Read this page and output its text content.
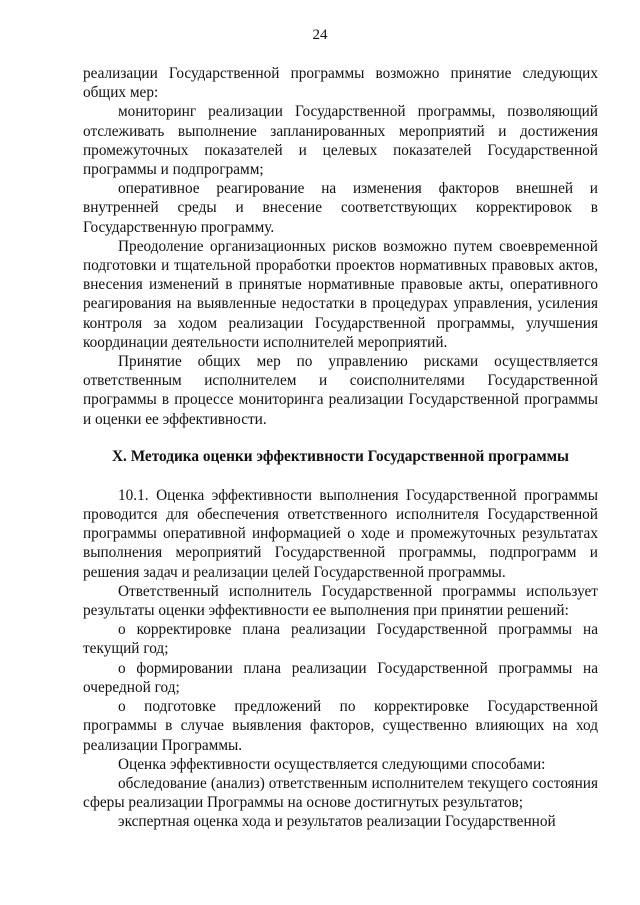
24

реализации Государственной программы возможно принятие следующих общих мер:

мониторинг реализации Государственной программы, позволяющий отслеживать выполнение запланированных мероприятий и достижения промежуточных показателей и целевых показателей Государственной программы и подпрограмм;

оперативное реагирование на изменения факторов внешней и внутренней среды и внесение соответствующих корректировок в Государственную программу.

Преодоление организационных рисков возможно путем своевременной подготовки и тщательной проработки проектов нормативных правовых актов, внесения изменений в принятые нормативные правовые акты, оперативного реагирования на выявленные недостатки в процедурах управления, усиления контроля за ходом реализации Государственной программы, улучшения координации деятельности исполнителей мероприятий.

Принятие общих мер по управлению рисками осуществляется ответственным исполнителем и соисполнителями Государственной программы в процессе мониторинга реализации Государственной программы и оценки ее эффективности.

X. Методика оценки эффективности Государственной программы

10.1. Оценка эффективности выполнения Государственной программы проводится для обеспечения ответственного исполнителя Государственной программы оперативной информацией о ходе и промежуточных результатах выполнения мероприятий Государственной программы, подпрограмм и решения задач и реализации целей Государственной программы.

Ответственный исполнитель Государственной программы использует результаты оценки эффективности ее выполнения при принятии решений:

о корректировке плана реализации Государственной программы на текущий год;

о формировании плана реализации Государственной программы на очередной год;

о подготовке предложений по корректировке Государственной программы в случае выявления факторов, существенно влияющих на ход реализации Программы.

Оценка эффективности осуществляется следующими способами:

обследование (анализ) ответственным исполнителем текущего состояния сферы реализации Программы на основе достигнутых результатов;

экспертная оценка хода и результатов реализации Государственной
